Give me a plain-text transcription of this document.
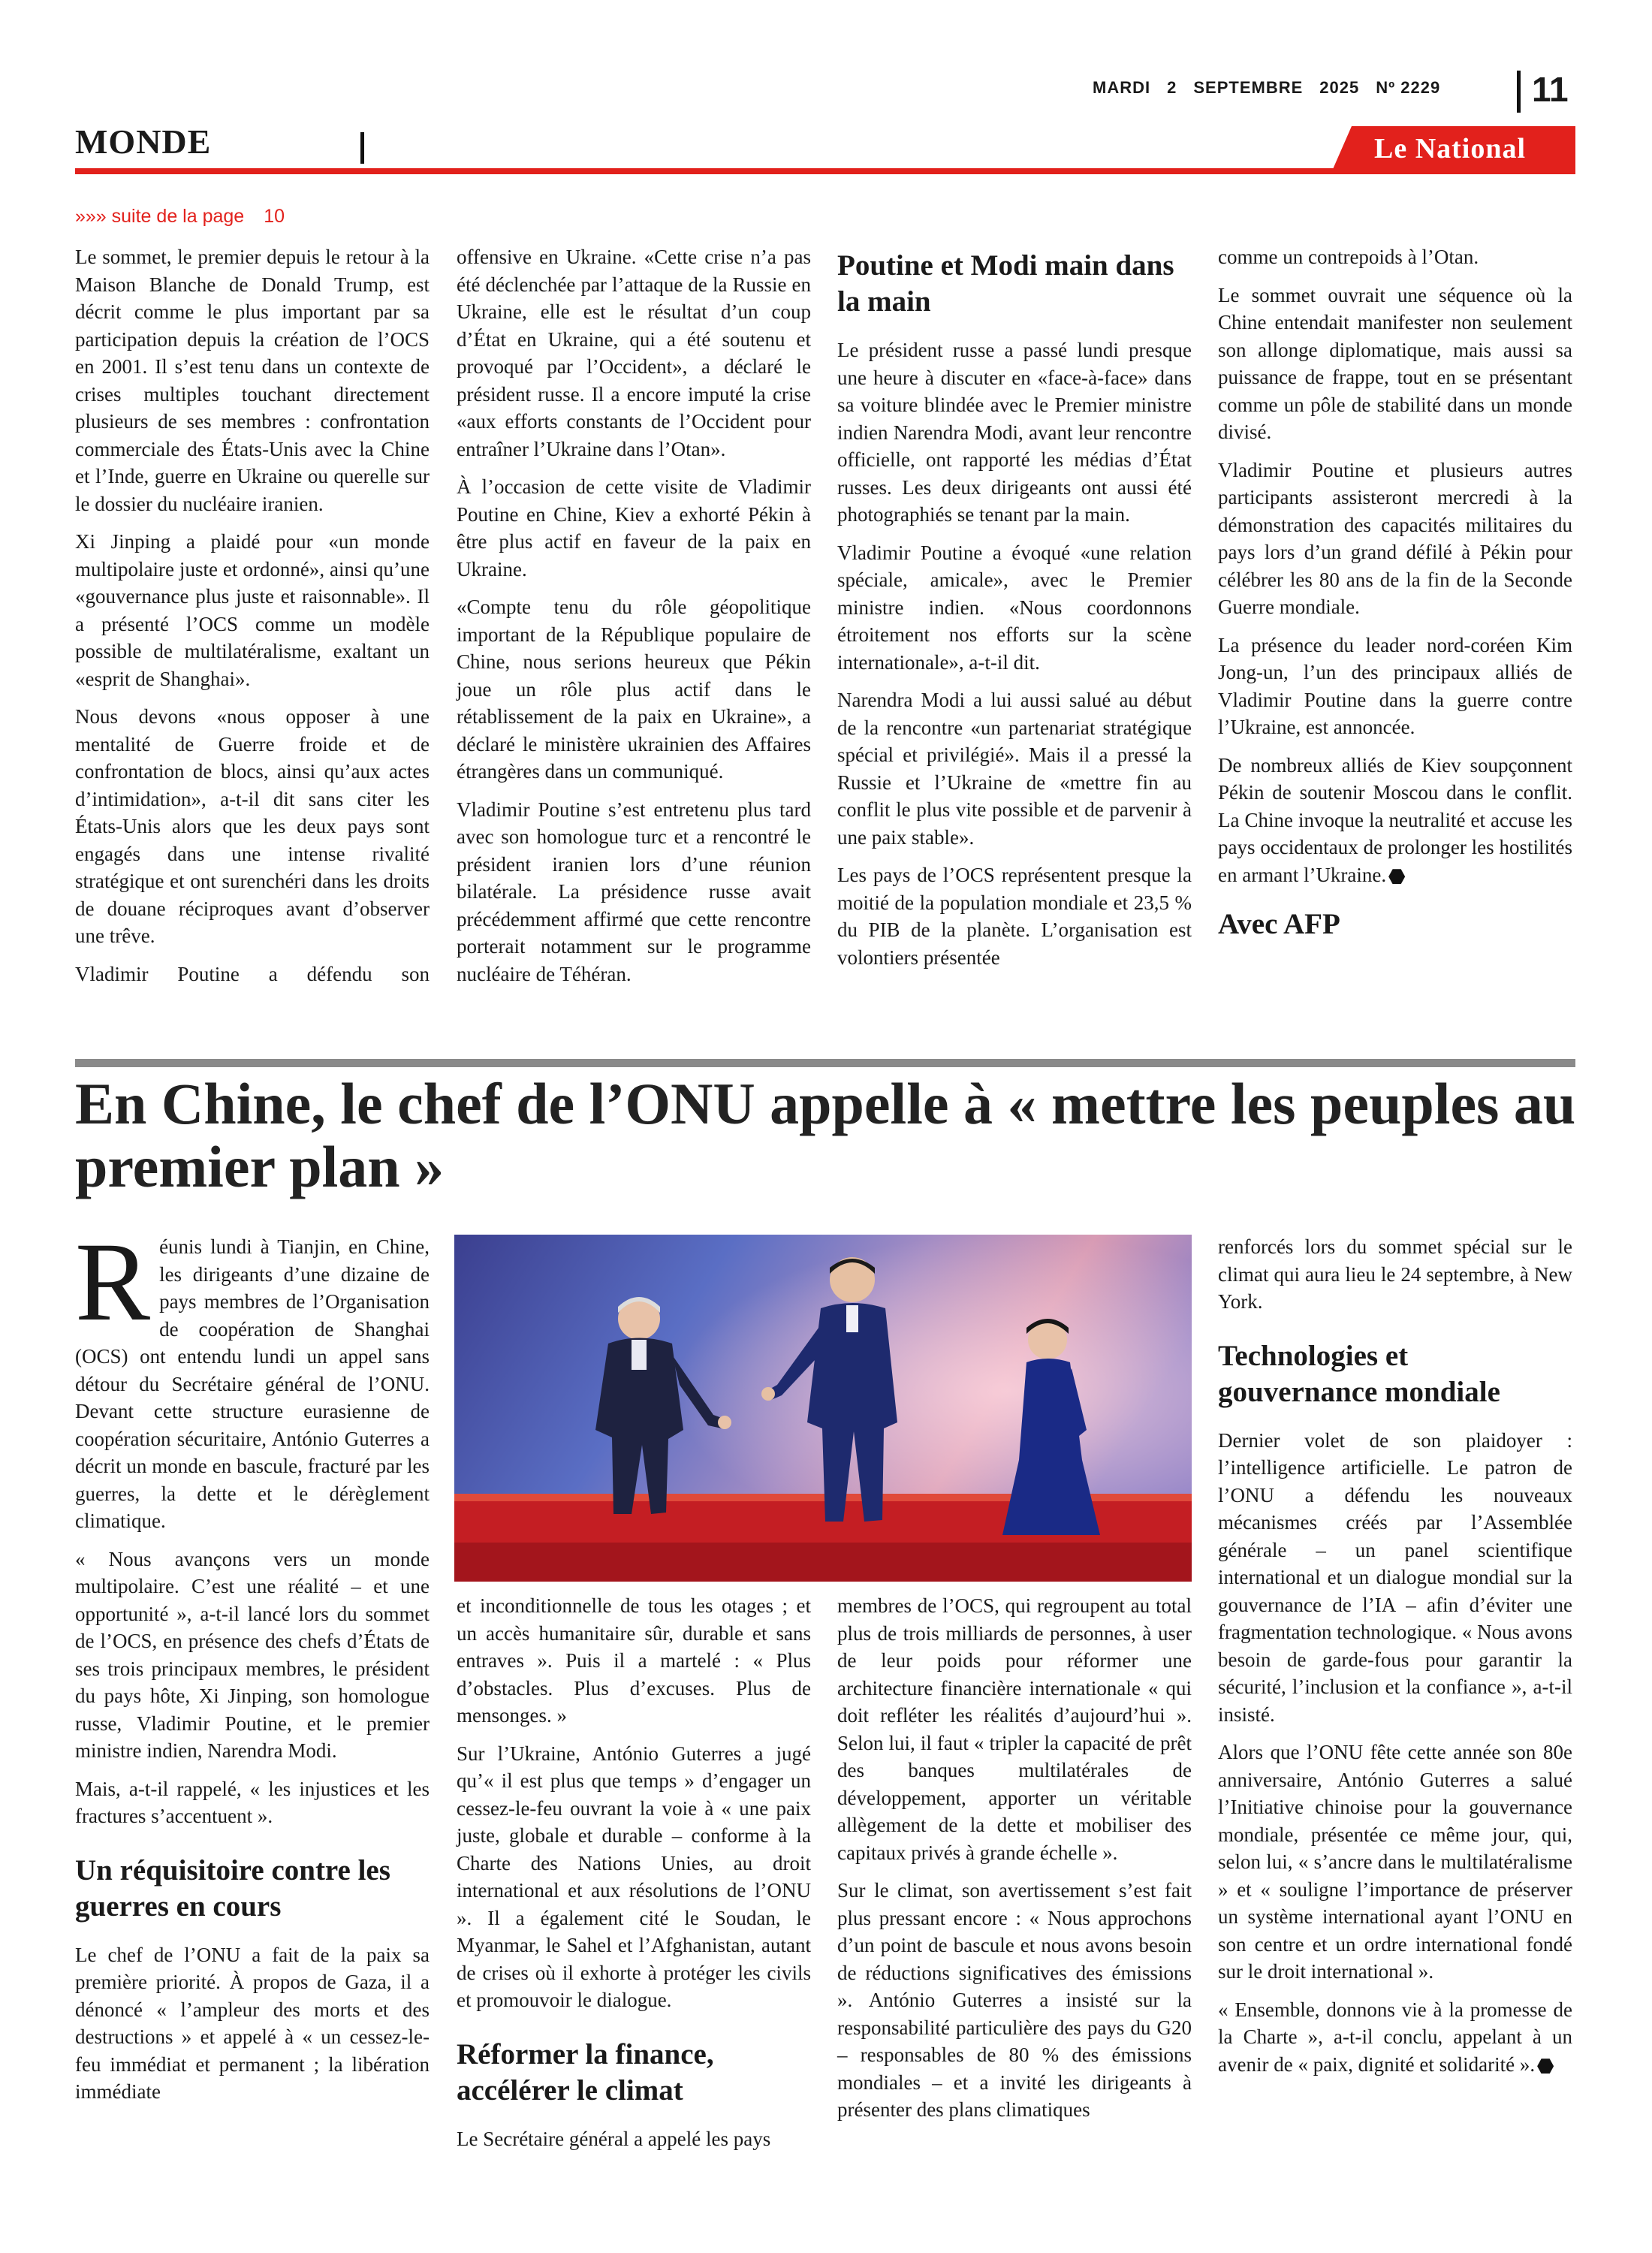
MARDI 2 SEPTEMBRE 2025 Nº 2229	11
MONDE	Le National
»»» suite de la page 10

Le sommet, le premier depuis le retour à la Maison Blanche de Donald Trump, est décrit comme le plus important par sa participation depuis la création de l’OCS en 2001. Il s’est tenu dans un contexte de crises multiples touchant directement plusieurs de ses membres : confrontation commerciale des États-Unis avec la Chine et l’Inde, guerre en Ukraine ou querelle sur le dossier du nucléaire iranien.

Xi Jinping a plaidé pour «un monde multipolaire juste et ordonné», ainsi qu’une «gouvernance plus juste et raisonnable». Il a présenté l’OCS comme un modèle possible de multilatéralisme, exaltant un «esprit de Shanghai».

Nous devons «nous opposer à une mentalité de Guerre froide et de confrontation de blocs, ainsi qu’aux actes d’intimidation», a-t-il dit sans citer les États-Unis alors que les deux pays sont engagés dans une intense rivalité stratégique et ont surenchéri dans les droits de douane réciproques avant d’observer une trêve.

Vladimir Poutine a défendu son

offensive en Ukraine. «Cette crise n’a pas été déclenchée par l’attaque de la Russie en Ukraine, elle est le résultat d’un coup d’État en Ukraine, qui a été soutenu et provoqué par l’Occident», a déclaré le président russe. Il a encore imputé la crise «aux efforts constants de l’Occident pour entraîner l’Ukraine dans l’Otan».

À l’occasion de cette visite de Vladimir Poutine en Chine, Kiev a exhorté Pékin à être plus actif en faveur de la paix en Ukraine.

«Compte tenu du rôle géopolitique important de la République populaire de Chine, nous serions heureux que Pékin joue un rôle plus actif dans le rétablissement de la paix en Ukraine», a déclaré le ministère ukrainien des Affaires étrangères dans un communiqué.

Vladimir Poutine s’est entretenu plus tard avec son homologue turc et a rencontré le président iranien lors d’une réunion bilatérale. La présidence russe avait précédemment affirmé que cette rencontre porterait notamment sur le programme nucléaire de Téhéran.

Poutine et Modi main dans la main

Le président russe a passé lundi presque une heure à discuter en «face-à-face» dans sa voiture blindée avec le Premier ministre indien Narendra Modi, avant leur rencontre officielle, ont rapporté les médias d’État russes. Les deux dirigeants ont aussi été photographiés se tenant par la main.

Vladimir Poutine a évoqué «une relation spéciale, amicale», avec le Premier ministre indien. «Nous coordonnons étroitement nos efforts sur la scène internationale», a-t-il dit.

Narendra Modi a lui aussi salué au début de la rencontre «un partenariat stratégique spécial et privilégié». Mais il a pressé la Russie et l’Ukraine de «mettre fin au conflit le plus vite possible et de parvenir à une paix stable».

Les pays de l’OCS représentent presque la moitié de la population mondiale et 23,5 % du PIB de la planète. L’organisation est volontiers présentée

comme un contrepoids à l’Otan.

Le sommet ouvrait une séquence où la Chine entendait manifester non seulement son allonge diplomatique, mais aussi sa puissance de frappe, tout en se présentant comme un pôle de stabilité dans un monde divisé.

Vladimir Poutine et plusieurs autres participants assisteront mercredi à la démonstration des capacités militaires du pays lors d’un grand défilé à Pékin pour célébrer les 80 ans de la fin de la Seconde Guerre mondiale.

La présence du leader nord-coréen Kim Jong-un, l’un des principaux alliés de Vladimir Poutine dans la guerre contre l’Ukraine, est annoncée.

De nombreux alliés de Kiev soupçonnent Pékin de soutenir Moscou dans le conflit. La Chine invoque la neutralité et accuse les pays occidentaux de prolonger les hostilités en armant l’Ukraine.

Avec AFP
En Chine, le chef de l’ONU appelle à « mettre les peuples au premier plan »

Réunis lundi à Tianjin, en Chine, les dirigeants d’une dizaine de pays membres de l’Organisation de coopération de Shanghai (OCS) ont entendu lundi un appel sans détour du Secrétaire général de l’ONU. Devant cette structure eurasienne de coopération sécuritaire, António Guterres a décrit un monde en bascule, fracturé par les guerres, la dette et le dérèglement climatique.

« Nous avançons vers un monde multipolaire. C’est une réalité – et une opportunité », a-t-il lancé lors du sommet de l’OCS, en présence des chefs d’États de ses trois principaux membres, le président du pays hôte, Xi Jinping, son homologue russe, Vladimir Poutine, et le premier ministre indien, Narendra Modi.

Mais, a-t-il rappelé, « les injustices et les fractures s’accentuent ».

Un réquisitoire contre les guerres en cours

Le chef de l’ONU a fait de la paix sa première priorité. À propos de Gaza, il a dénoncé « l’ampleur des morts et des destructions » et appelé à « un cessez-le-feu immédiat et permanent ; la libération immédiate

et inconditionnelle de tous les otages ; et un accès humanitaire sûr, durable et sans entraves ». Puis il a martelé : « Plus d’obstacles. Plus d’excuses. Plus de mensonges. »

Sur l’Ukraine, António Guterres a jugé qu’« il est plus que temps » d’engager un cessez-le-feu ouvrant la voie à « une paix juste, globale et durable – conforme à la Charte des Nations Unies, au droit international et aux résolutions de l’ONU ». Il a également cité le Soudan, le Myanmar, le Sahel et l’Afghanistan, autant de crises où il exhorte à protéger les civils et promouvoir le dialogue.

Réformer la finance, accélérer le climat

Le Secrétaire général a appelé les pays

membres de l’OCS, qui regroupent au total plus de trois milliards de personnes, à user de leur poids pour réformer une architecture financière internationale « qui doit refléter les réalités d’aujourd’hui ». Selon lui, il faut « tripler la capacité de prêt des banques multilatérales de développement, apporter un véritable allègement de la dette et mobiliser des capitaux privés à grande échelle ».

Sur le climat, son avertissement s’est fait plus pressant encore : « Nous approchons d’un point de bascule et nous avons besoin de réductions significatives des émissions ». António Guterres a insisté sur la responsabilité particulière des pays du G20 – responsables de 80 % des émissions mondiales – et a invité les dirigeants à présenter des plans climatiques

renforcés lors du sommet spécial sur le climat qui aura lieu le 24 septembre, à New York.

Technologies et gouvernance mondiale

Dernier volet de son plaidoyer : l’intelligence artificielle. Le patron de l’ONU a défendu les nouveaux mécanismes créés par l’Assemblée générale – un panel scientifique international et un dialogue mondial sur la gouvernance de l’IA – afin d’éviter une fragmentation technologique. « Nous avons besoin de garde-fous pour garantir la sécurité, l’inclusion et la confiance », a-t-il insisté.

Alors que l’ONU fête cette année son 80e anniversaire, António Guterres a salué l’Initiative chinoise pour la gouvernance mondiale, présentée ce même jour, qui, selon lui, « s’ancre dans le multilatéralisme » et « souligne l’importance de préserver un système international ayant l’ONU en son centre et un ordre international fondé sur le droit international ».

« Ensemble, donnons vie à la promesse de la Charte », a-t-il conclu, appelant à un avenir de « paix, dignité et solidarité ».
